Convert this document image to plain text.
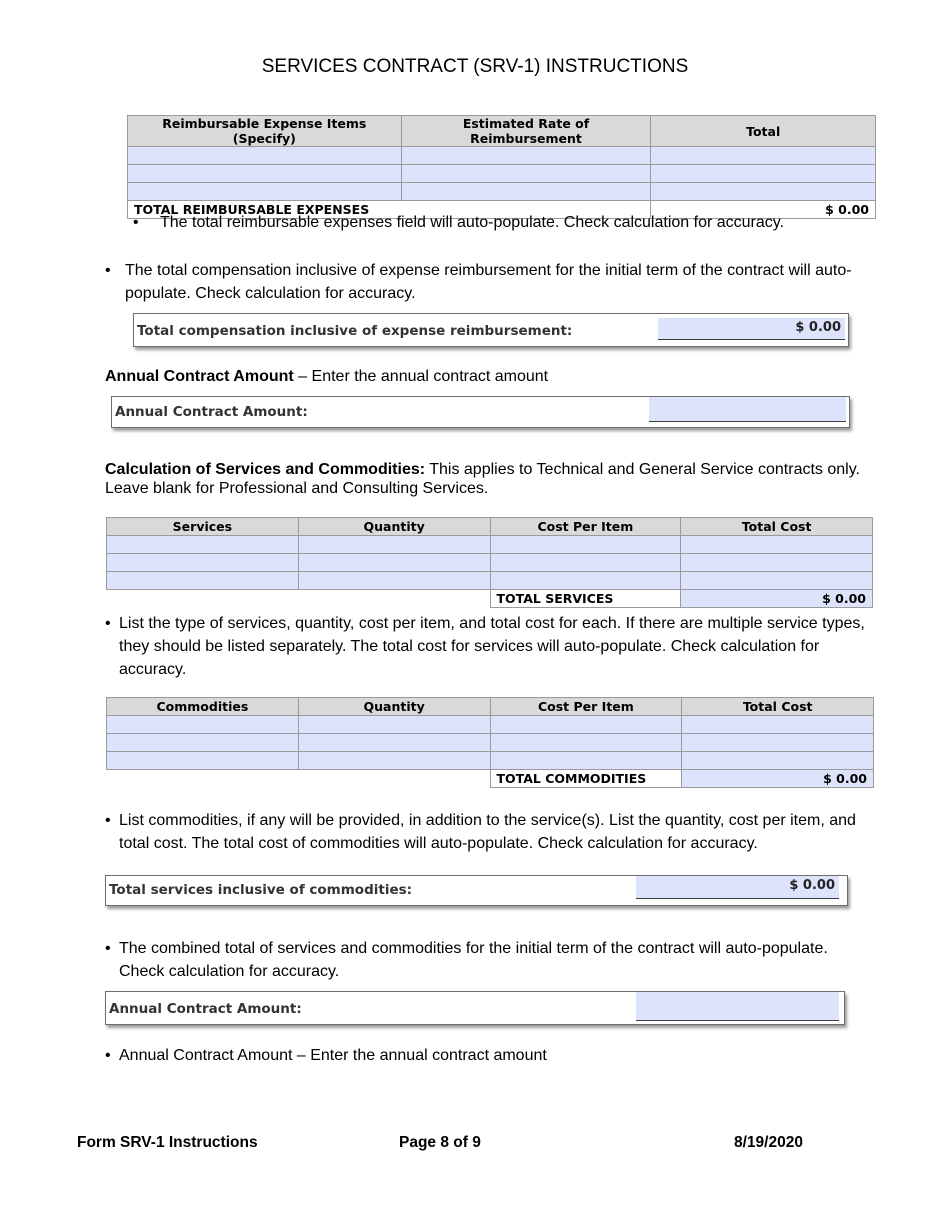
SERVICES CONTRACT (SRV-1) INSTRUCTIONS
Reimbursable Expense Items (Specify)	Estimated Rate of Reimbursement	Total

TOTAL REIMBURSABLE EXPENSES		$ 0.00
•	The total reimbursable expenses field will auto-populate. Check calculation for accuracy.
• The total compensation inclusive of expense reimbursement for the initial term of the contract will auto-populate. Check calculation for accuracy.
Total compensation inclusive of expense reimbursement:	$ 0.00
Annual Contract Amount – Enter the annual contract amount
Annual Contract Amount:
Calculation of Services and Commodities: This applies to Technical and General Service contracts only. Leave blank for Professional and Consulting Services.
Services	Quantity	Cost Per Item	Total Cost

		TOTAL SERVICES	$ 0.00
• List the type of services, quantity, cost per item, and total cost for each. If there are multiple service types, they should be listed separately. The total cost for services will auto-populate. Check calculation for accuracy.
Commodities	Quantity	Cost Per Item	Total Cost

		TOTAL COMMODITIES	$ 0.00
• List commodities, if any will be provided, in addition to the service(s). List the quantity, cost per item, and total cost. The total cost of commodities will auto-populate. Check calculation for accuracy.
Total services inclusive of commodities:	$ 0.00
• The combined total of services and commodities for the initial term of the contract will auto-populate. Check calculation for accuracy.
Annual Contract Amount:
• Annual Contract Amount – Enter the annual contract amount
Form SRV-1 Instructions	Page 8 of 9	8/19/2020
